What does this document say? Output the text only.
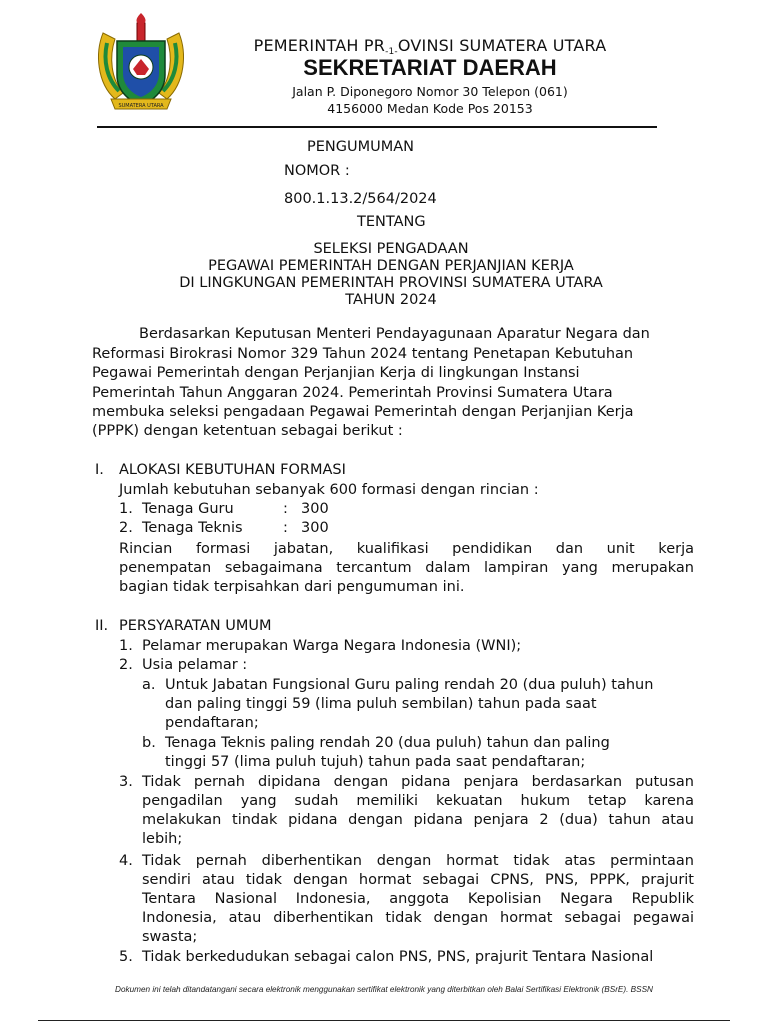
SUMATERA UTARA
PEMERINTAH $PR^{-1-}OVINSI$ SUMATERA UTARA
SEKRETARIAT DAERAH
Jalan P. Diponegoro Nomor 30 Telepon (061)
4156000 Medan Kode Pos 20153
PENGUMUMAN
NOMOR :
800.1.13.2/564/2024
TENTANG
SELEKSI PENGADAAN
PEGAWAI PEMERINTAH DENGAN PERJANJIAN KERJA
DI LINGKUNGAN PEMERINTAH PROVINSI SUMATERA UTARA
TAHUN 2024
Berdasarkan Keputusan Menteri Pendayagunaan Aparatur Negara dan
Reformasi Birokrasi Nomor 329 Tahun 2024 tentang Penetapan Kebutuhan
Pegawai Pemerintah dengan Perjanjian Kerja di lingkungan Instansi
Pemerintah Tahun Anggaran 2024. Pemerintah Provinsi Sumatera Utara
membuka seleksi pengadaan Pegawai Pemerintah dengan Perjanjian Kerja
(PPPK) dengan ketentuan sebagai berikut :
I. ALOKASI KEBUTUHAN FORMASI
Jumlah kebutuhan sebanyak 600 formasi dengan rincian :
1. Tenaga Guru	: 300
2. Tenaga Teknis	: 300
Rincian formasi jabatan, kualifikasi pendidikan dan unit kerja
penempatan sebagaimana tercantum dalam lampiran yang merupakan
bagian tidak terpisahkan dari pengumuman ini.
II. PERSYARATAN UMUM
1. Pelamar merupakan Warga Negara Indonesia (WNI);
2. Usia pelamar :
a. Untuk Jabatan Fungsional Guru paling rendah 20 (dua puluh) tahun
dan paling tinggi 59 (lima puluh sembilan) tahun pada saat
pendaftaran;
b. Tenaga Teknis paling rendah 20 (dua puluh) tahun dan paling
tinggi 57 (lima puluh tujuh) tahun pada saat pendaftaran;
3. Tidak pernah dipidana dengan pidana penjara berdasarkan putusan
pengadilan yang sudah memiliki kekuatan hukum tetap karena
melakukan tindak pidana dengan pidana penjara 2 (dua) tahun atau
lebih;
4. Tidak pernah diberhentikan dengan hormat tidak atas permintaan
sendiri atau tidak dengan hormat sebagai CPNS, PNS, PPPK, prajurit
Tentara Nasional Indonesia, anggota Kepolisian Negara Republik
Indonesia, atau diberhentikan tidak dengan hormat sebagai pegawai
swasta;
5. Tidak berkedudukan sebagai calon PNS, PNS, prajurit Tentara Nasional
Dokumen ini telah ditandatangani secara elektronik menggunakan sertifikat elektronik yang diterbitkan oleh Balai Sertifikasi Elektronik (BSrE). BSSN
